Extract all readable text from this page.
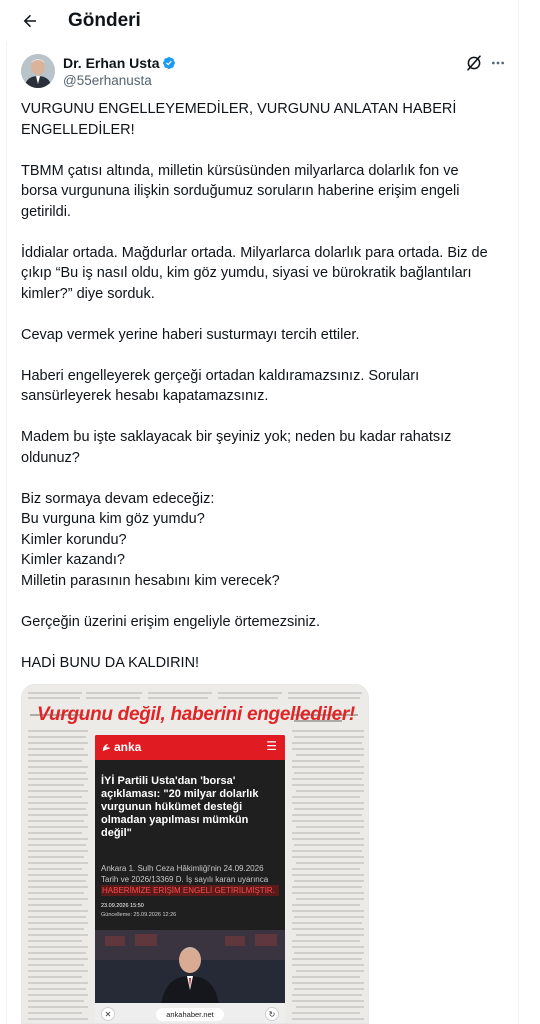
Gönderi
Dr. Erhan Usta
@55erhanusta

VURGUNU ENGELLEYEMEDİLER, VURGUNU ANLATAN HABERİ

ENGELLEDİLER!

TBMM çatısı altında, milletin kürsüsünden milyarlarca dolarlık fon ve

borsa vurgununa ilişkin sorduğumuz soruların haberine erişim engeli

getirildi.

İddialar ortada. Mağdurlar ortada. Milyarlarca dolarlık para ortada. Biz de

çıkıp “Bu iş nasıl oldu, kim göz yumdu, siyasi ve bürokratik bağlantıları

kimler?” diye sorduk.

Cevap vermek yerine haberi susturmayı tercih ettiler.

Haberi engelleyerek gerçeği ortadan kaldıramazsınız. Soruları

sansürleyerek hesabı kapatamazsınız.

Madem bu işte saklayacak bir şeyiniz yok; neden bu kadar rahatsız

oldunuz?

Biz sormaya devam edeceğiz:

Bu vurguna kim göz yumdu?

Kimler korundu?

Kimler kazandı?

Milletin parasının hesabını kim verecek?

Gerçeğin üzerini erişim engeliyle örtemezsiniz.

HADİ BUNU DA KALDIRIN!

Vurgunu değil, haberini engellediler!
anka	☰
İYİ Partili Usta'dan 'borsa' açıklaması: "20 milyar dolarlık vurgunun hükümet desteği olmadan yapılması mümkün değil"
Ankara 1. Sulh Ceza Hâkimliği'nin 24.09.2026 Tarih ve 2026/13369 D. İş sayılı karan uyarınca
HABERİMİZE ERİŞİM ENGELİ GETİRİLMİŞTİR.
23.09.2026 15:50
Güncelleme: 25.09.2026 12:26
✕	ankahaber.net	↻
